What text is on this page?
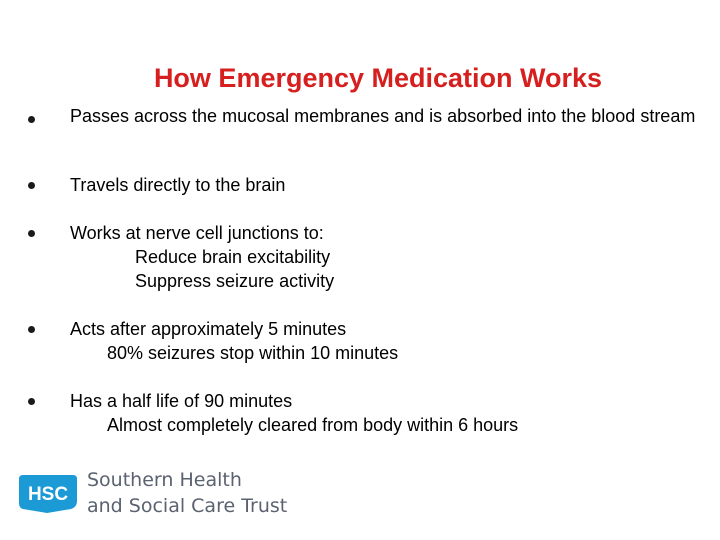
How Emergency Medication Works
Passes across the mucosal membranes and is absorbed into the blood stream
Travels directly to the brain
Works at nerve cell junctions to:
Reduce brain excitability
Suppress seizure activity
Acts after approximately 5 minutes
80% seizures stop within 10 minutes
Has a half life of 90 minutes
Almost completely cleared from body within 6 hours
HSC
Southern Health
and Social Care Trust
